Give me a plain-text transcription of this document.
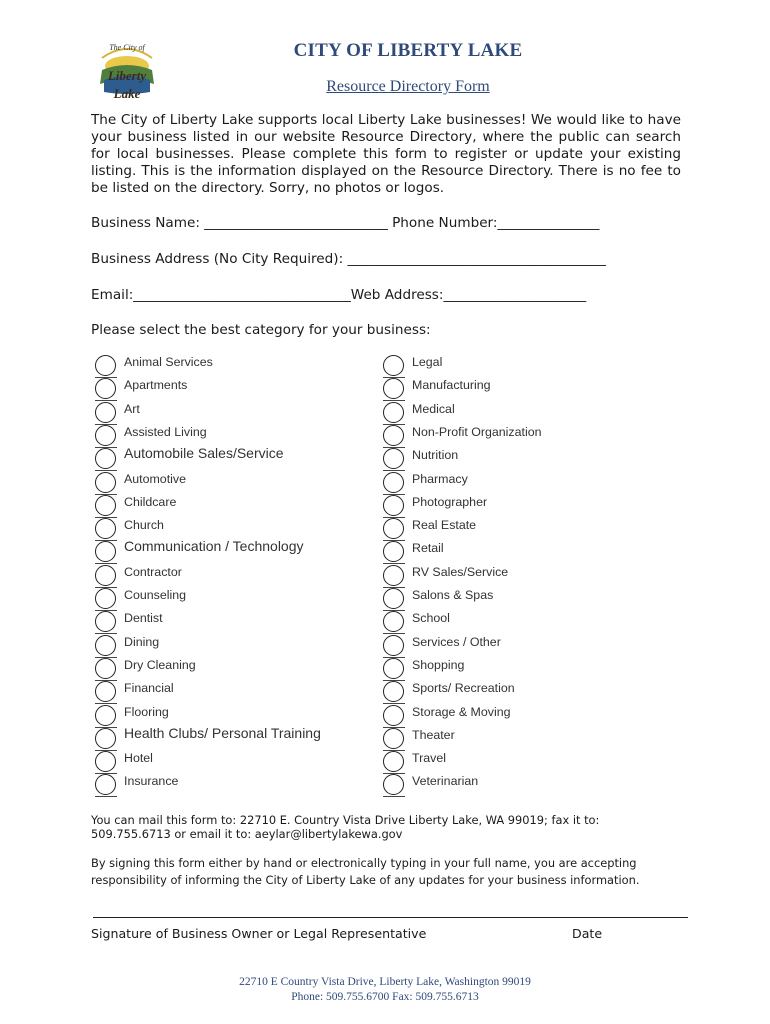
The City of
Liberty
Lake
CITY OF LIBERTY LAKE
Resource Directory Form
The City of Liberty Lake supports local Liberty Lake businesses! We would like to have your business listed in our website Resource Directory, where the public can search for local businesses. Please complete this form to register or update your existing listing. This is the information displayed on the Resource Directory. There is no fee to be listed on the directory. Sorry, no photos or logos.
Business Name: ___________________________ Phone Number:_______________
Business Address (No City Required): ______________________________________
Email:________________________________Web Address:_____________________
Please select the best category for your business:
Animal Services
Apartments
Art
Assisted Living
Automobile Sales/Service
Automotive
Childcare
Church
Communication / Technology
Contractor
Counseling
Dentist
Dining
Dry Cleaning
Financial
Flooring
Health Clubs/ Personal Training
Hotel
Insurance
Legal
Manufacturing
Medical
Non-Profit Organization
Nutrition
Pharmacy
Photographer
Real Estate
Retail
RV Sales/Service
Salons & Spas
School
Services / Other
Shopping
Sports/ Recreation
Storage & Moving
Theater
Travel
Veterinarian
You can mail this form to: 22710 E. Country Vista Drive Liberty Lake, WA 99019; fax it to:
509.755.6713 or email it to: aeylar@libertylakewa.gov
By signing this form either by hand or electronically typing in your full name, you are accepting
responsibility of informing the City of Liberty Lake of any updates for your business information.
Signature of Business Owner or Legal Representative	Date
22710 E Country Vista Drive, Liberty Lake, Washington 99019
Phone: 509.755.6700 Fax: 509.755.6713
